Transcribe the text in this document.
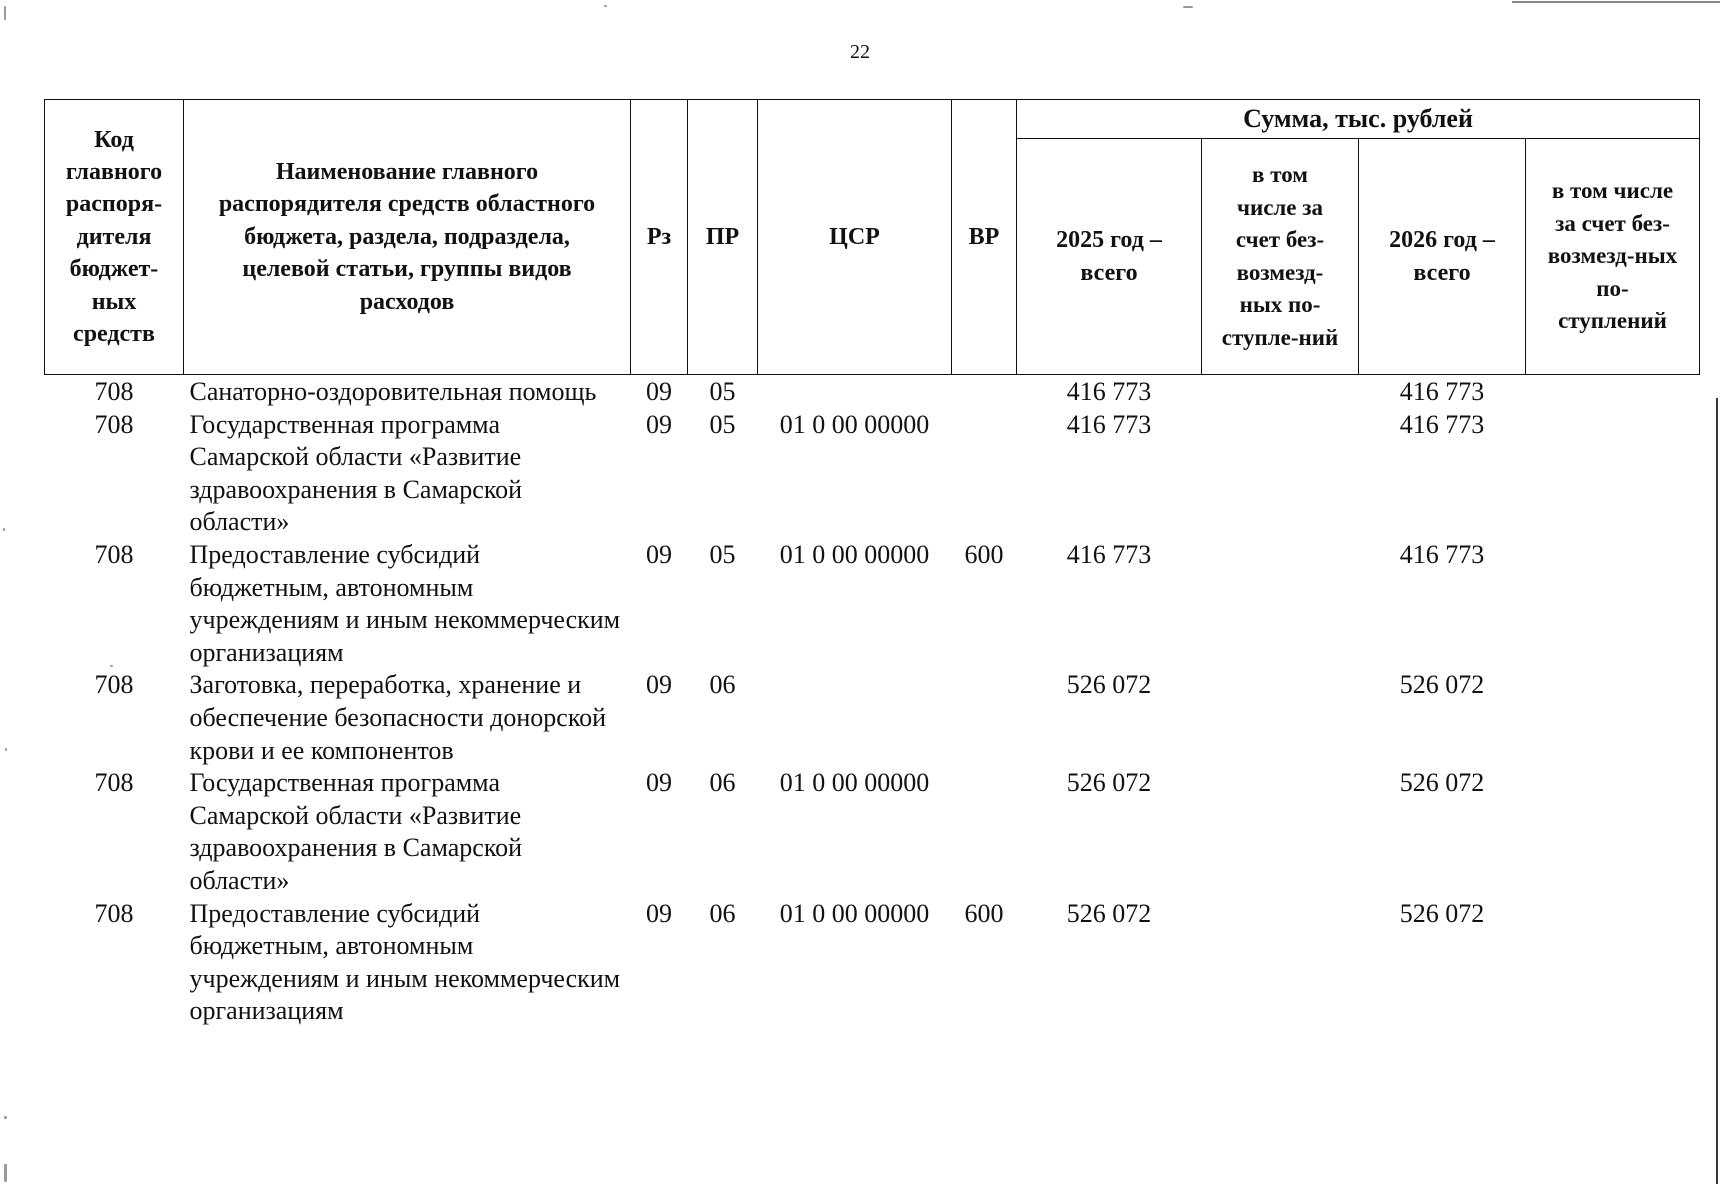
22
Код главного распоря-дителя бюджет-ных средств	Наименование главного распорядителя средств областного бюджета, раздела, подраздела, целевой статьи, группы видов расходов	Рз	ПР	ЦСР	ВР	Сумма, тыс. рублей			
						2025 год – всего	в том числе за счет без-возмезд-ных по-ступле-ний	2026 год – всего	в том числе за счет без-возмезд-ных по-ступлений
708	Санаторно-оздоровительная помощь	09	05			416 773		416 773	
708	Государственная программа Самарской области «Развитие здравоохранения в Самарской области»	09	05	01 0 00 00000		416 773		416 773	
708	Предоставление субсидий бюджетным, автономным учреждениям и иным некоммерческим организациям	09	05	01 0 00 00000	600	416 773		416 773	
708	Заготовка, переработка, хранение и обеспечение безопасности донорской крови и ее компонентов	09	06			526 072		526 072	
708	Государственная программа Самарской области «Развитие здравоохранения в Самарской области»	09	06	01 0 00 00000		526 072		526 072	
708	Предоставление субсидий бюджетным, автономным учреждениям и иным некоммерческим организациям	09	06	01 0 00 00000	600	526 072		526 072	
